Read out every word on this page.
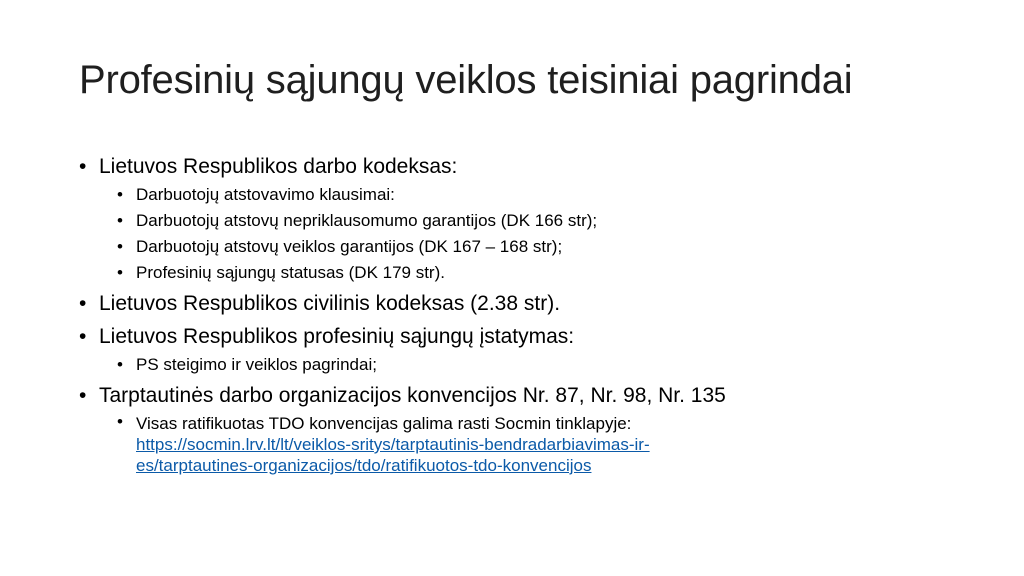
Profesinių sąjungų veiklos teisiniai pagrindai
• Lietuvos Respublikos darbo kodeksas:
• Darbuotojų atstovavimo klausimai:
• Darbuotojų atstovų nepriklausomumo garantijos (DK 166 str);
• Darbuotojų atstovų veiklos garantijos (DK 167 – 168 str);
• Profesinių sąjungų statusas (DK 179 str).
• Lietuvos Respublikos civilinis kodeksas (2.38 str).
• Lietuvos Respublikos profesinių sąjungų įstatymas:
• PS steigimo ir veiklos pagrindai;
• Tarptautinės darbo organizacijos konvencijos Nr. 87, Nr. 98, Nr. 135
• Visas ratifikuotas TDO konvencijas galima rasti Socmin tinklapyje:
https://socmin.lrv.lt/lt/veiklos-sritys/tarptautinis-bendradarbiavimas-ir-
es/tarptautines-organizacijos/tdo/ratifikuotos-tdo-konvencijos
